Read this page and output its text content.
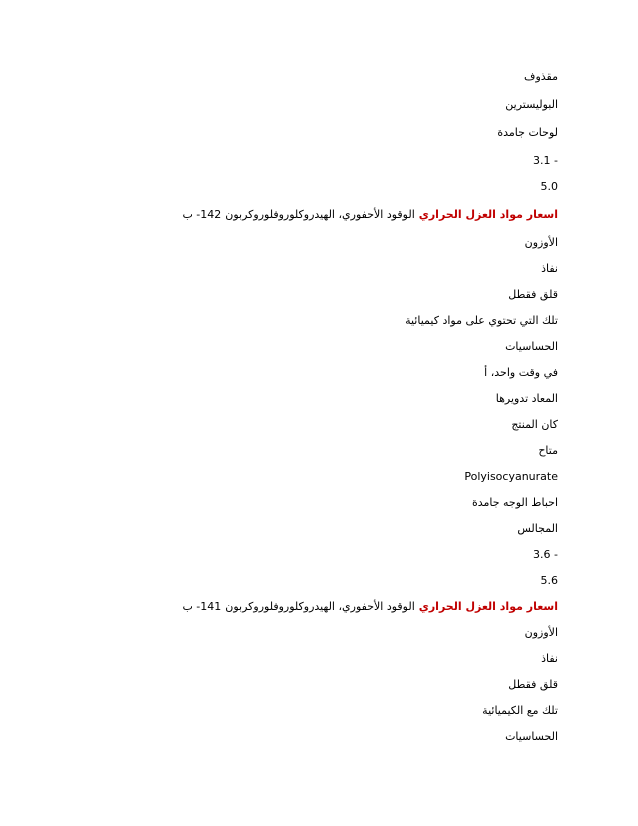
مقذوف
البوليسترين
لوحات جامدة
3.1 -
5.0
اسعار مواد العزل الحراريالوقود الأحفوري، الهيدروكلوروفلوروكربون142- ب
الأوزون
نفاذ
قلق فقطل
تلك التي تحتوي على مواد كيميائية
الحساسيات
في وقت واحد، أ
المعاد تدويرها
كان المنتج
متاح
Polyisocyanurate
احباط الوجه جامدة
المجالس
3.6 -
5.6
اسعار مواد العزل الحراريالوقود الأحفوري، الهيدروكلوروفلوروكربون141- ب
الأوزون
نفاذ
قلق فقطل
تلك مع الكيميائية
الحساسيات
